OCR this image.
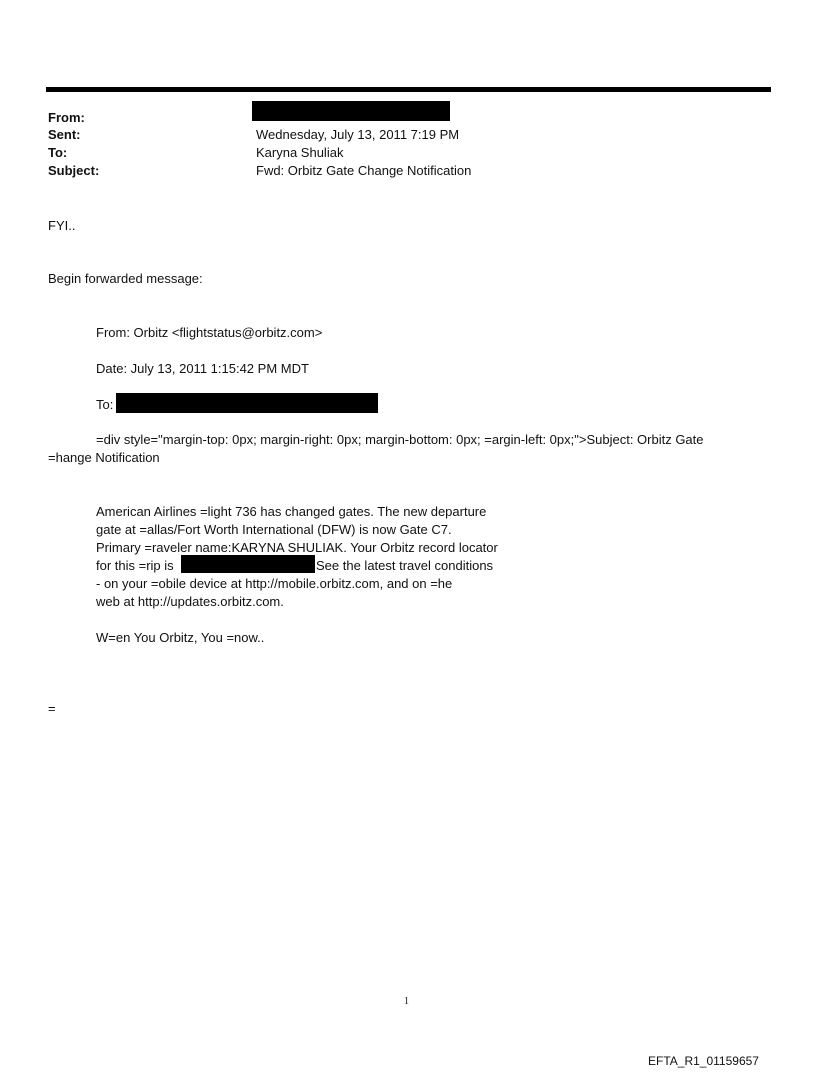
From:
Sent:
To:
Subject:
Wednesday, July 13, 2011 7:19 PM
Karyna Shuliak
Fwd: Orbitz Gate Change Notification
FYI..
Begin forwarded message:
From: Orbitz <flightstatus@orbitz.com>
Date: July 13, 2011 1:15:42 PM MDT
To:
=div style="margin-top: 0px; margin-right: 0px; margin-bottom: 0px; =argin-left: 0px;">Subject: Orbitz Gate
=hange Notification
American Airlines =light 736 has changed gates. The new departure
gate at =allas/Fort Worth International (DFW) is now Gate C7.
Primary =raveler name:KARYNA SHULIAK. Your Orbitz record locator
for this =rip is	See the latest travel conditions
- on your =obile device at http://mobile.orbitz.com, and on =he
web at http://updates.orbitz.com.
W=en You Orbitz, You =now..
=
1
EFTA_R1_01159657
